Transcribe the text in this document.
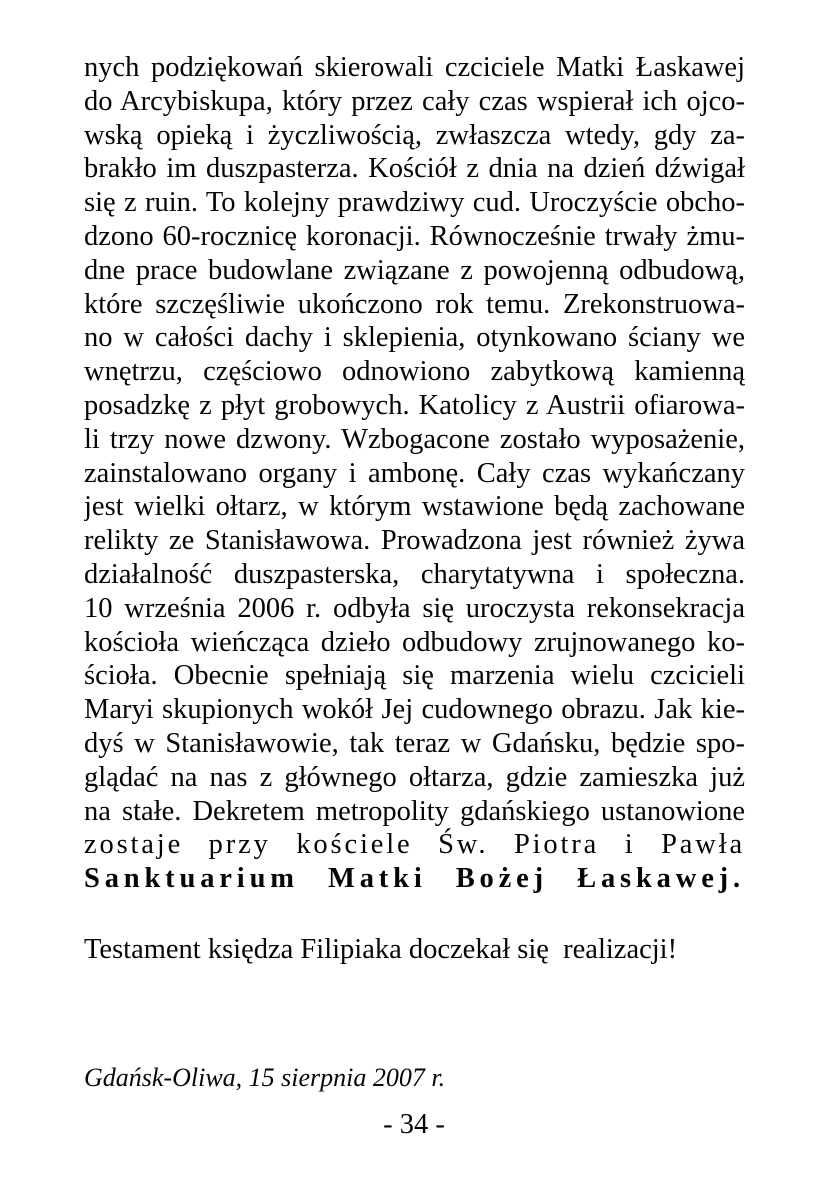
nych podziękowań skierowali czciciele Matki Łaskawej
do Arcybiskupa, który przez cały czas wspierał ich ojco-
wską opieką i życzliwością, zwłaszcza wtedy, gdy za-
brakło im duszpasterza. Kościół z dnia na dzień dźwigał
się z ruin. To kolejny prawdziwy cud. Uroczyście obcho-
dzono 60-rocznicę koronacji. Równocześnie trwały żmu-
dne prace budowlane związane z powojenną odbudową,
które szczęśliwie ukończono rok temu. Zrekonstruowa-
no w całości dachy i sklepienia, otynkowano ściany we
wnętrzu, częściowo odnowiono zabytkową kamienną
posadzkę z płyt grobowych. Katolicy z Austrii ofiarowa-
li trzy nowe dzwony. Wzbogacone zostało wyposażenie,
zainstalowano organy i ambonę. Cały czas wykańczany
jest wielki ołtarz, w którym wstawione będą zachowane
relikty ze Stanisławowa. Prowadzona jest również żywa
działalność duszpasterska, charytatywna i społeczna.
10 września 2006 r. odbyła się uroczysta rekonsekracja
kościoła wieńcząca dzieło odbudowy zrujnowanego ko-
ścioła. Obecnie spełniają się marzenia wielu czcicieli
Maryi skupionych wokół Jej cudownego obrazu. Jak kie-
dyś w Stanisławowie, tak teraz w Gdańsku, będzie spo-
glądać na nas z głównego ołtarza, gdzie zamieszka już
na stałe. Dekretem metropolity gdańskiego ustanowione
zostaje przy kościele Św. Piotra i Pawła
Sanktuarium Matki Bożej Łaskawej.
Testament księdza Filipiaka doczekał się  realizacji!
Gdańsk-Oliwa, 15 sierpnia 2007 r.
- 34 -
